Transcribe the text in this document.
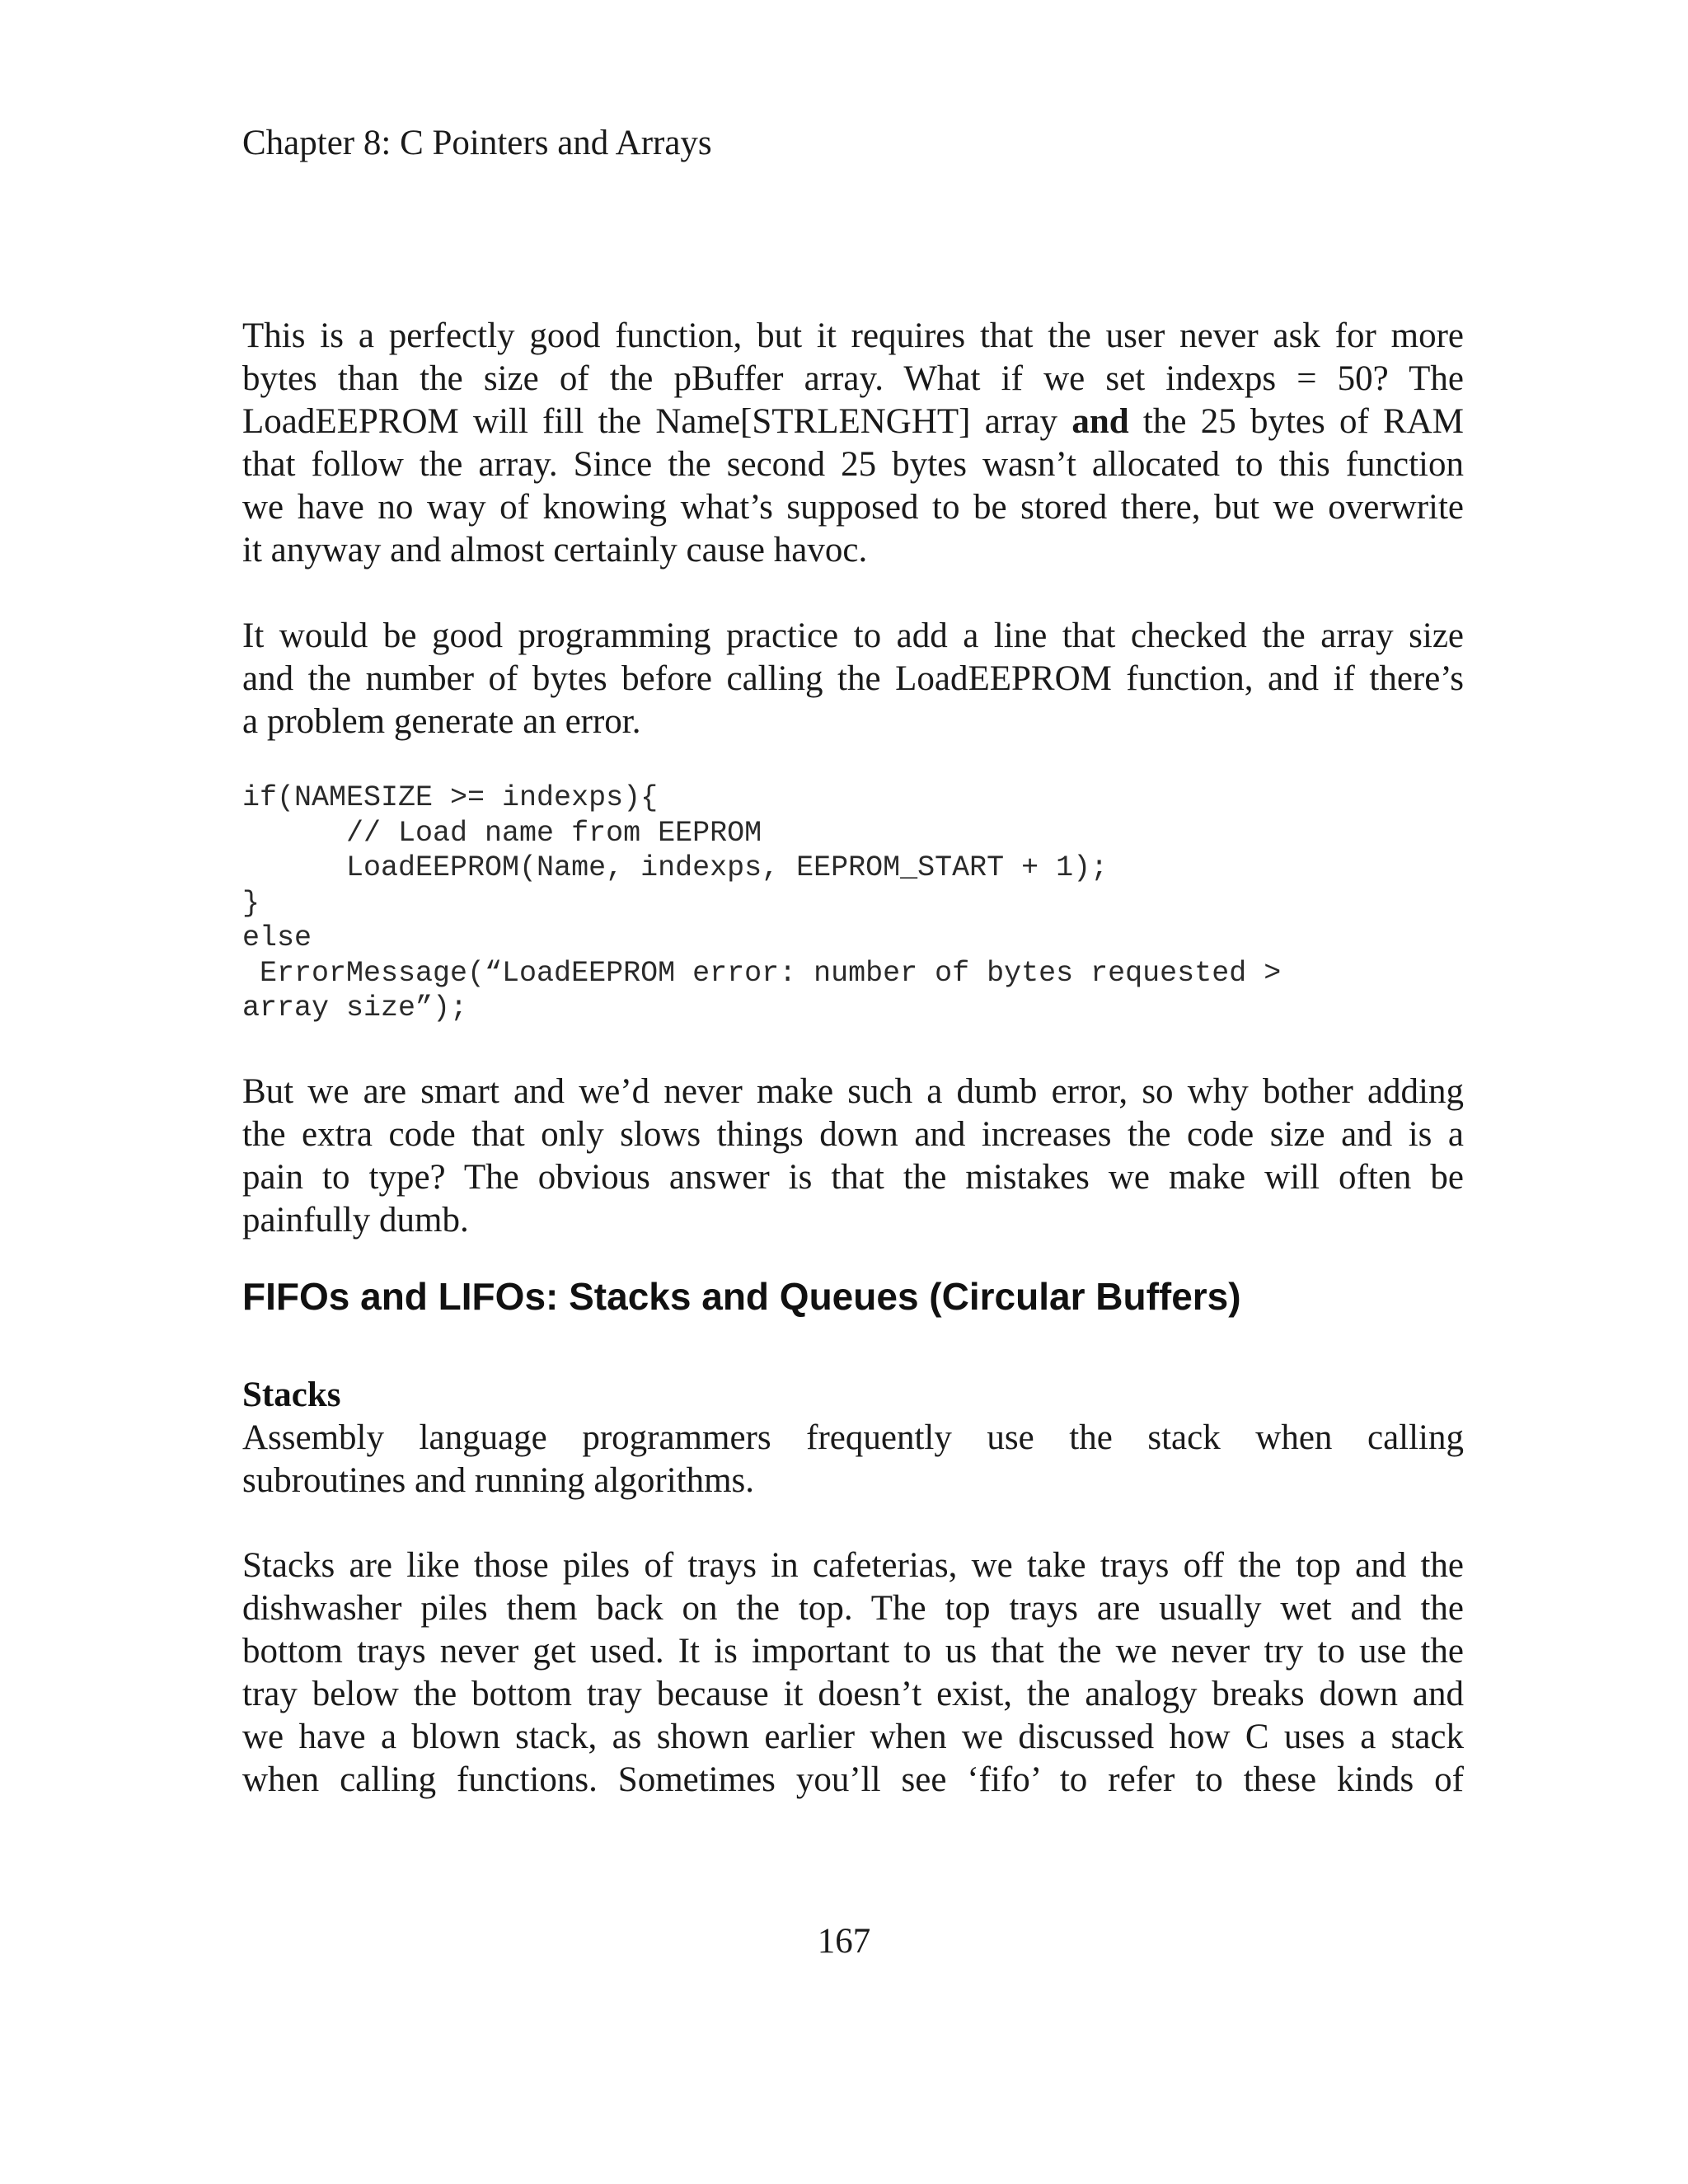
Chapter 8: C Pointers and Arrays
This is a perfectly good function, but it requires that the user never ask for more
bytes than the size of the pBuffer array. What if we set indexps = 50? The
LoadEEPROM will fill the Name[STRLENGHT] array and the 25 bytes of RAM
that follow the array. Since the second 25 bytes wasn’t allocated to this function
we have no way of knowing what’s supposed to be stored there, but we overwrite
it anyway and almost certainly cause havoc.
It would be good programming practice to add a line that checked the array size
and the number of bytes before calling the LoadEEPROM function, and if there’s
a problem generate an error.
if(NAMESIZE >= indexps){
// Load name from EEPROM
LoadEEPROM(Name, indexps, EEPROM_START + 1);
}
else
ErrorMessage(“LoadEEPROM error: number of bytes requested >
array size”);
But we are smart and we’d never make such a dumb error, so why bother adding
the extra code that only slows things down and increases the code size and is a
pain to type? The obvious answer is that the mistakes we make will often be
painfully dumb.
FIFOs and LIFOs: Stacks and Queues (Circular Buffers)
Stacks
Assembly language programmers frequently use the stack when calling
subroutines and running algorithms.
Stacks are like those piles of trays in cafeterias, we take trays off the top and the
dishwasher piles them back on the top. The top trays are usually wet and the
bottom trays never get used. It is important to us that the we never try to use the
tray below the bottom tray because it doesn’t exist, the analogy breaks down and
we have a blown stack, as shown earlier when we discussed how C uses a stack
when calling functions. Sometimes you’ll see ‘fifo’ to refer to these kinds of
167
